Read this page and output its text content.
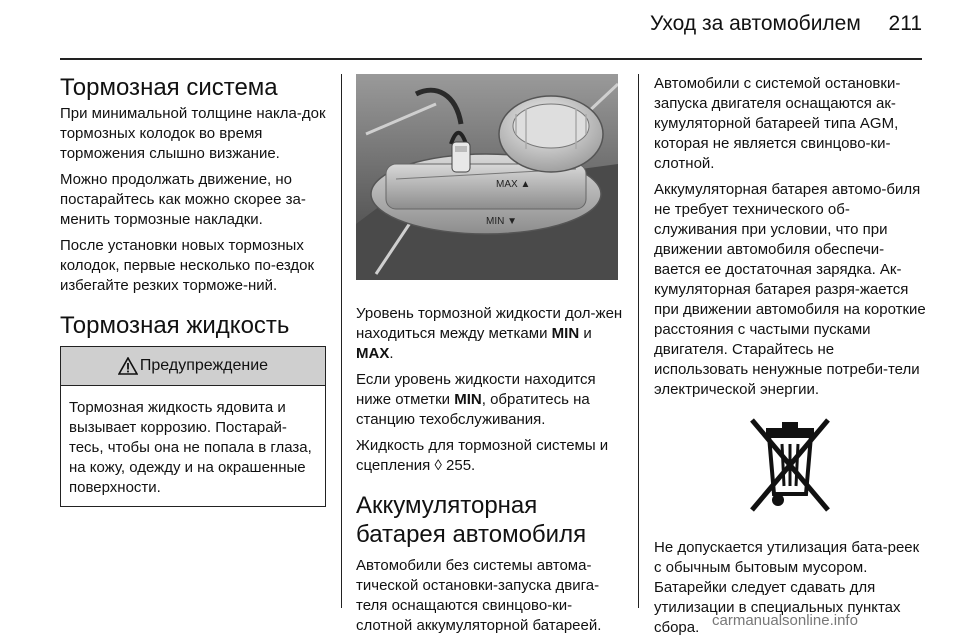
Уход за автомобилем 211
Тормозная система

При минимальной толщине накла-док тормозных колодок во время торможения слышно визжание.

Можно продолжать движение, но постарайтесь как можно скорее за-менить тормозные накладки.

После установки новых тормозных колодок, первые несколько по-ездок избегайте резких торможе-ний.

Тормозная жидкость
Предупреждение

Тормозная жидкость ядовита и вызывает коррозию. Постарай-тесь, чтобы она не попала в глаза, на кожу, одежду и на окрашенные поверхности.

MAX ▲
MIN ▼

Уровень тормозной жидкости дол-жен находиться между метками MIN и MAX.

Если уровень жидкости находится ниже отметки MIN, обратитесь на станцию техобслуживания.

Жидкость для тормозной системы и сцепления ◊ 255.

Аккумуляторная батарея автомобиля

Автомобили без системы автома-тической остановки-запуска двига-теля оснащаются свинцово-ки-слотной аккумуляторной батареей.

Автомобили с системой остановки-запуска двигателя оснащаются ак-кумуляторной батареей типа AGM, которая не является свинцово-ки-слотной.

Аккумуляторная батарея автомо-биля не требует технического об-служивания при условии, что при движении автомобиля обеспечи-вается ее достаточная зарядка. Ак-кумуляторная батарея разря-жается при движении автомобиля на короткие расстояния с частыми пусками двигателя. Старайтесь не использовать ненужные потреби-тели электрической энергии.

Не допускается утилизация бата-реек с обычным бытовым мусором. Батарейки следует сдавать для утилизации в специальных пунктах сбора. carmanualsonline.info
